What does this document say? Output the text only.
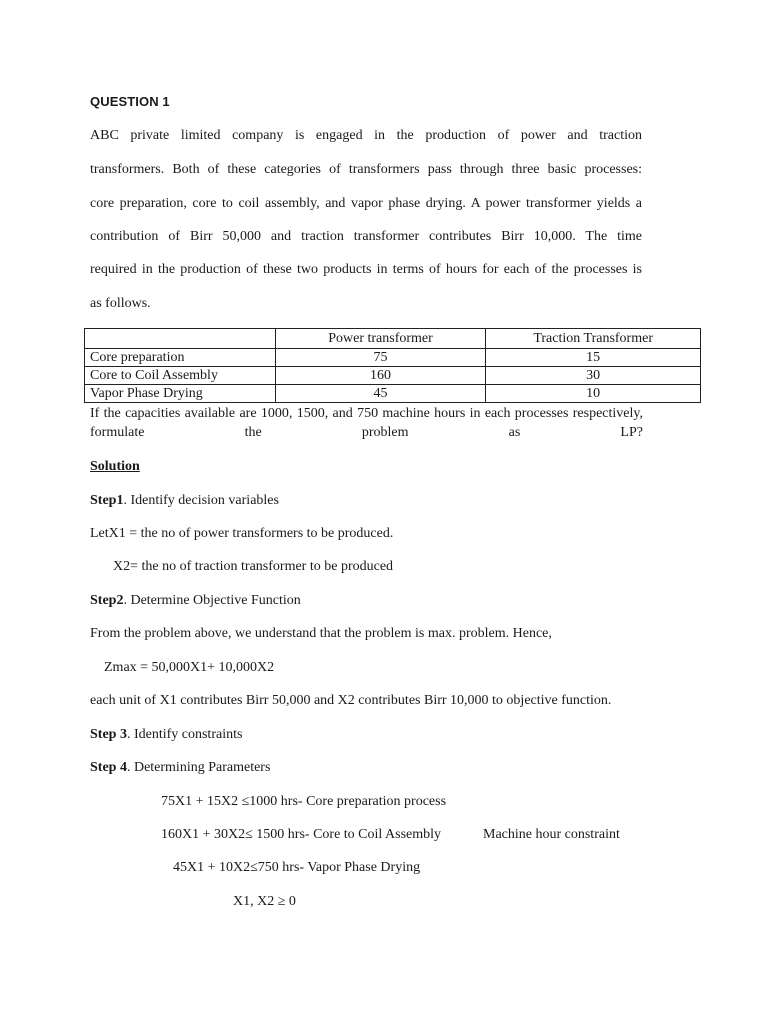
QUESTION 1
ABC private limited company is engaged in the production of power and traction
transformers. Both of these categories of transformers pass through three basic processes:
core preparation, core to coil assembly, and vapor phase drying. A power transformer yields a
contribution of Birr 50,000 and traction transformer contributes Birr 10,000. The time
required in the production of these two products in terms of hours for each of the processes is
as follows.
	Power transformer	Traction Transformer
Core preparation	75	15
Core to Coil Assembly	160	30
Vapor Phase Drying	45	10
If the capacities available are 1000, 1500, and 750 machine hours in each processes respectively, formulate the problem as LP?
Solution
Step1. Identify decision variables
LetX1 = the no of power transformers to be produced.
X2= the no of traction transformer to be produced
Step2. Determine Objective Function
From the problem above, we understand that the problem is max. problem. Hence,
Zmax = 50,000X1+ 10,000X2
each unit of X1 contributes Birr 50,000 and X2 contributes Birr 10,000 to objective function.
Step 3. Identify constraints
Step 4. Determining Parameters
75X1 + 15X2 ≤1000 hrs- Core preparation process
160X1 + 30X2≤ 1500 hrs- Core to Coil Assembly	Machine hour constraint
45X1 + 10X2≤750 hrs- Vapor Phase Drying
X1, X2 ≥ 0
